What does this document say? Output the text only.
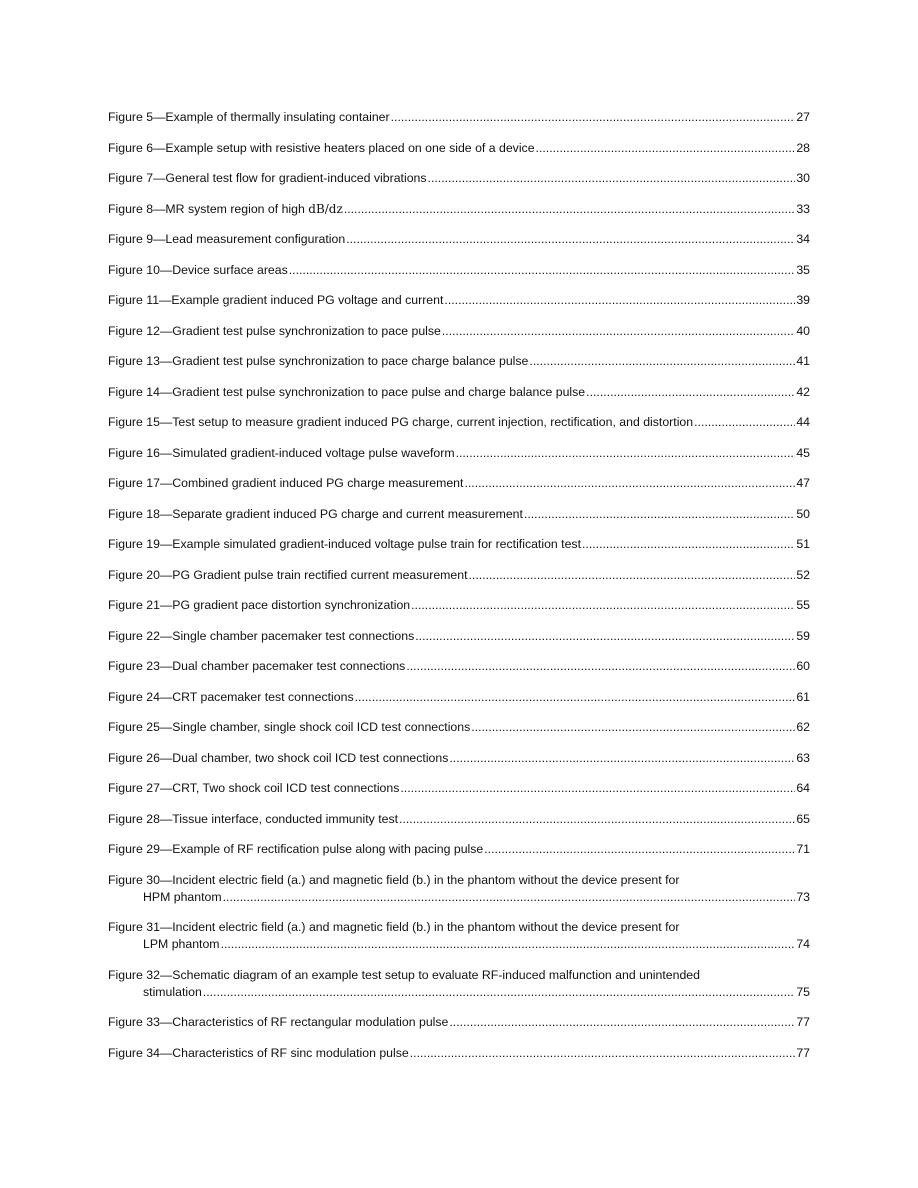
Figure 5—Example of thermally insulating container .....	27
Figure 6—Example setup with resistive heaters placed on one side of a device .....	28
Figure 7—General test flow for gradient-induced vibrations .....	30
Figure 8—MR system region of high dB/dz .....	33
Figure 9—Lead measurement configuration .....	34
Figure 10—Device surface areas .....	35
Figure 11—Example gradient induced PG voltage and current .....	39
Figure 12—Gradient test pulse synchronization to pace pulse .....	40
Figure 13—Gradient test pulse synchronization to pace charge balance pulse .....	41
Figure 14—Gradient test pulse synchronization to pace pulse and charge balance pulse .....	42
Figure 15—Test setup to measure gradient induced PG charge, current injection, rectification, and distortion .....	44
Figure 16—Simulated gradient-induced voltage pulse waveform .....	45
Figure 17—Combined gradient induced PG charge measurement .....	47
Figure 18—Separate gradient induced PG charge and current measurement .....	50
Figure 19—Example simulated gradient-induced voltage pulse train for rectification test .....	51
Figure 20—PG Gradient pulse train rectified current measurement .....	52
Figure 21—PG gradient pace distortion synchronization .....	55
Figure 22—Single chamber pacemaker test connections .....	59
Figure 23—Dual chamber pacemaker test connections .....	60
Figure 24—CRT pacemaker test connections .....	61
Figure 25—Single chamber, single shock coil ICD test connections .....	62
Figure 26—Dual chamber, two shock coil ICD test connections .....	63
Figure 27—CRT, Two shock coil ICD test connections .....	64
Figure 28—Tissue interface, conducted immunity test .....	65
Figure 29—Example of RF rectification pulse along with pacing pulse .....	71
Figure 30—Incident electric field (a.) and magnetic field (b.) in the phantom without the device present for
HPM phantom .....	73
Figure 31—Incident electric field (a.) and magnetic field (b.) in the phantom without the device present for
LPM phantom .....	74
Figure 32—Schematic diagram of an example test setup to evaluate RF-induced malfunction and unintended
stimulation .....	75
Figure 33—Characteristics of RF rectangular modulation pulse .....	77
Figure 34—Characteristics of RF sinc modulation pulse .....	77
